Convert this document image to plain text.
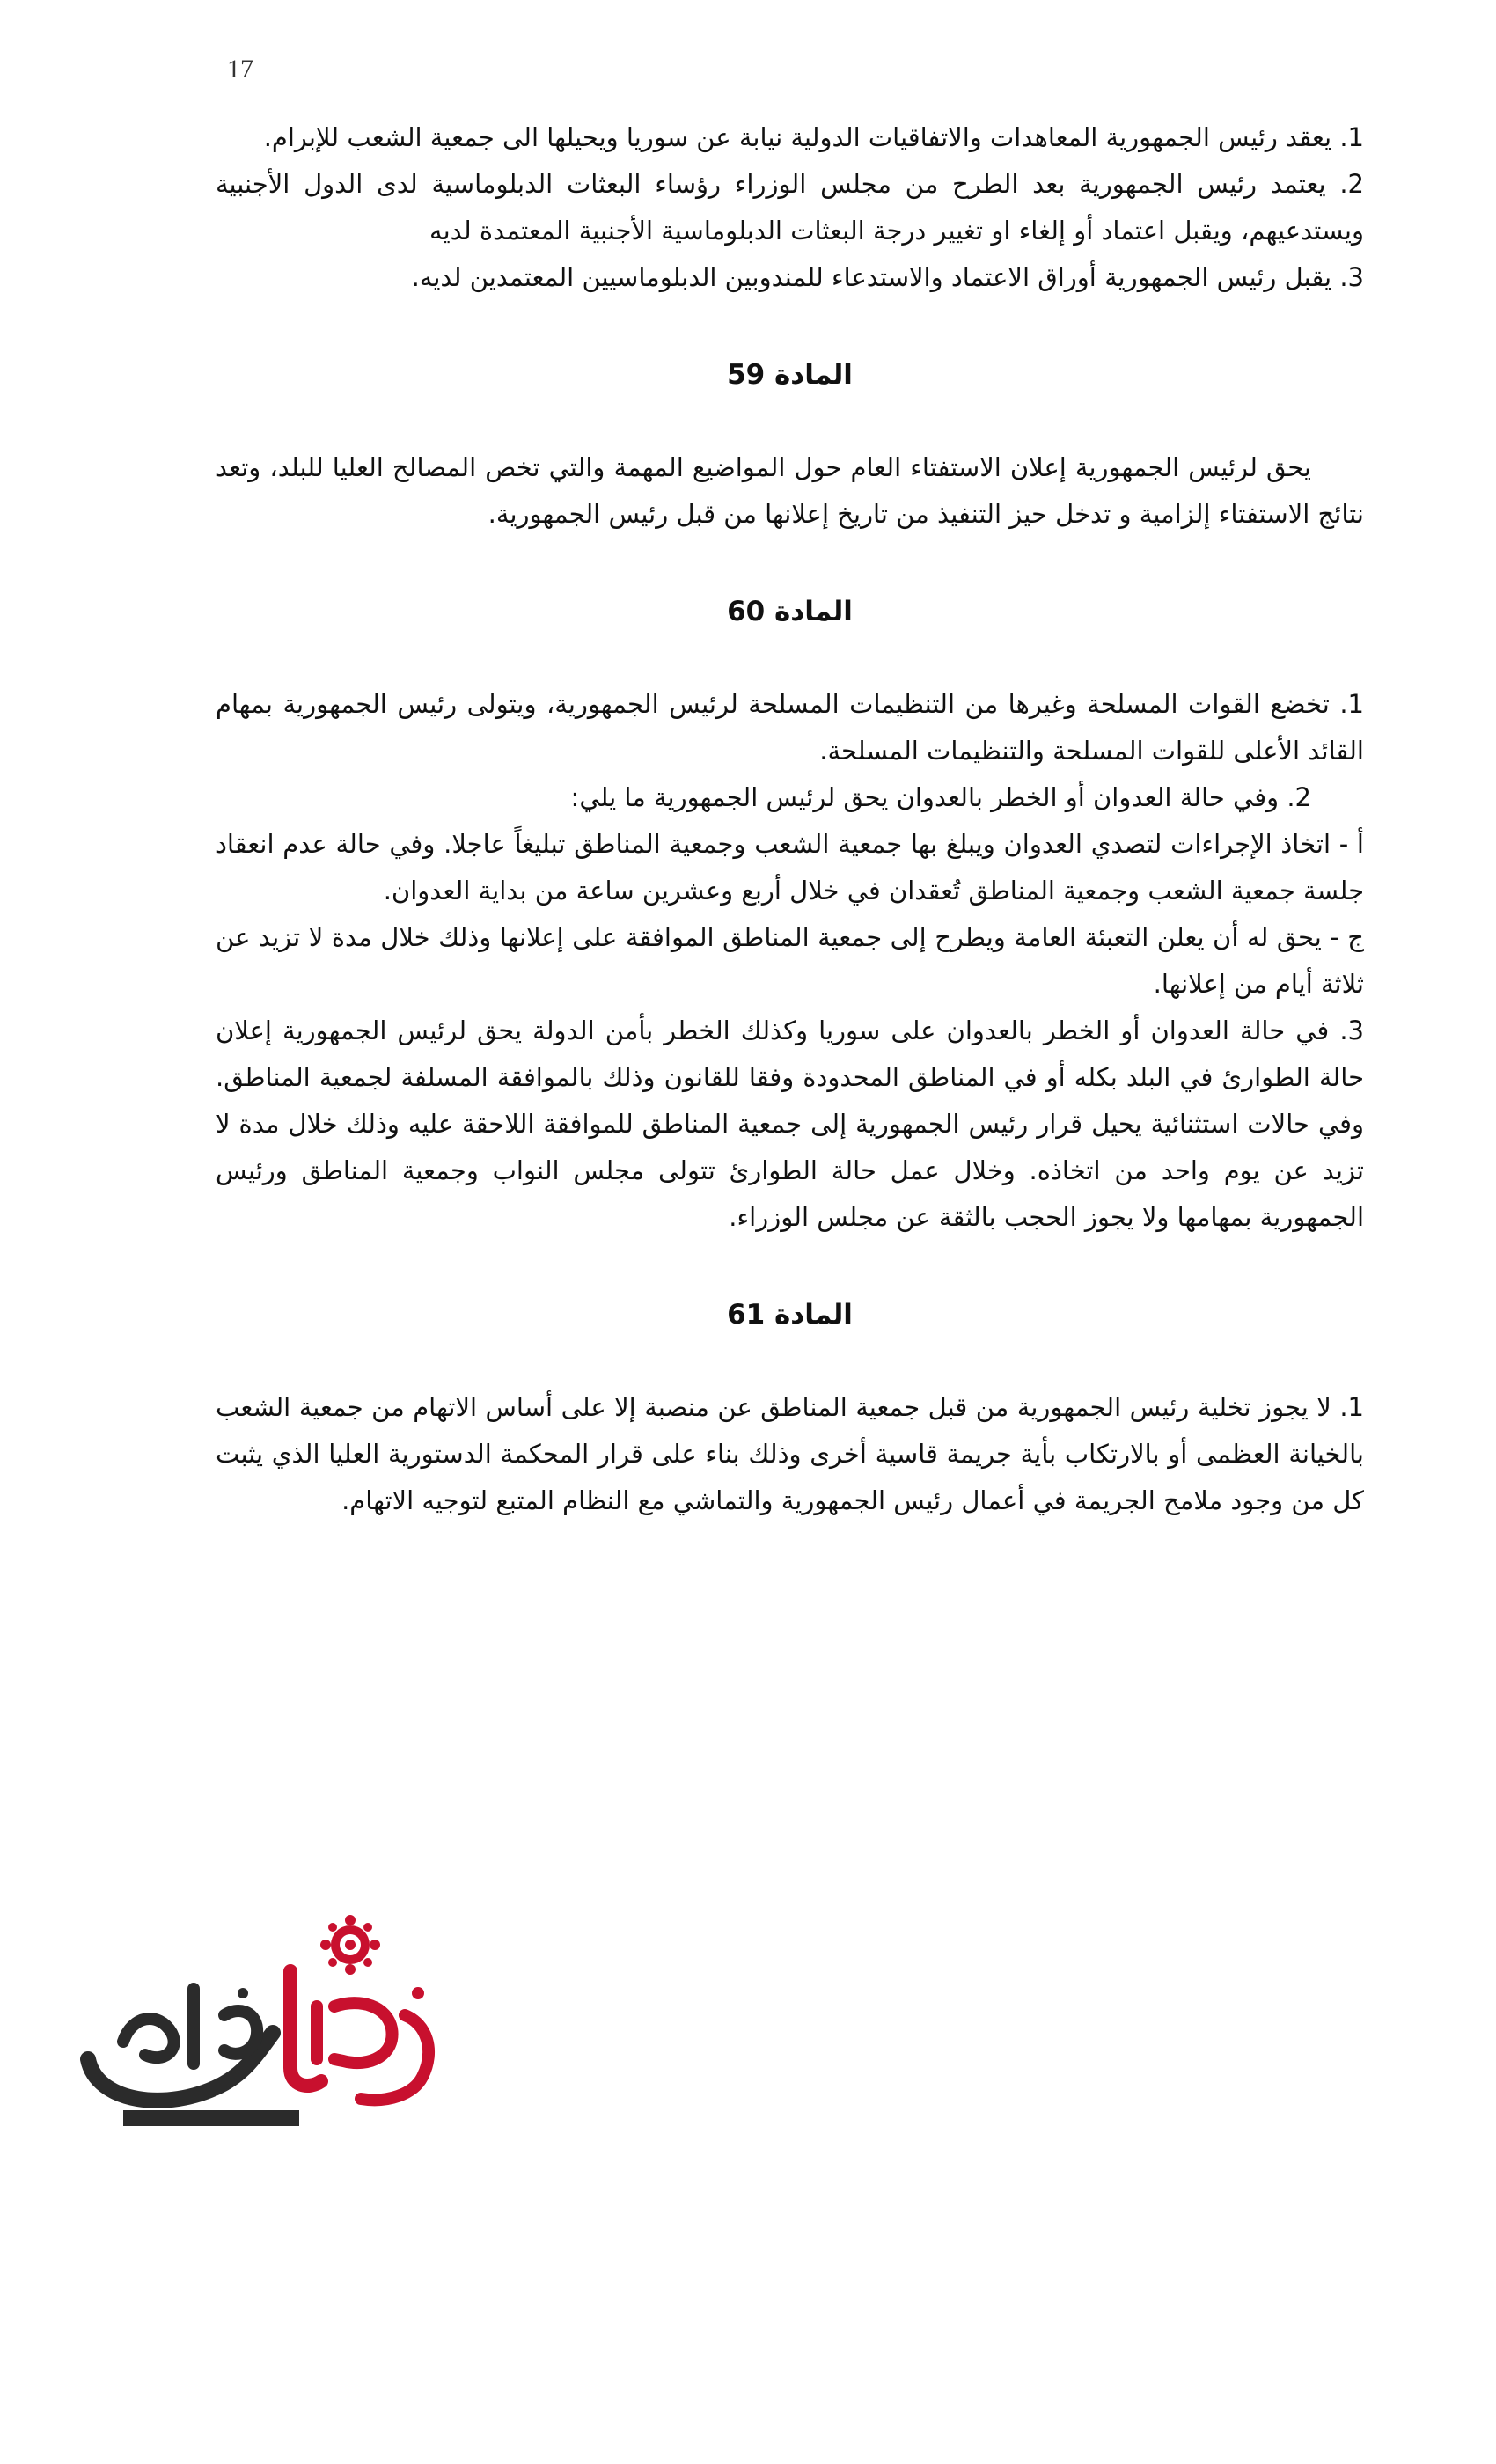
17

1. يعقد رئيس الجمهورية المعاهدات والاتفاقيات الدولية نيابة عن سوريا ويحيلها الى جمعية الشعب للإبرام.

2. يعتمد رئيس الجمهورية بعد الطرح من مجلس الوزراء رؤساء البعثات الدبلوماسية لدى الدول الأجنبية ويستدعيهم، ويقبل اعتماد أو إلغاء او تغيير درجة البعثات الدبلوماسية الأجنبية المعتمدة لديه

3. يقبل رئيس الجمهورية أوراق الاعتماد والاستدعاء للمندوبين الدبلوماسيين المعتمدين لديه.

المادة 59

يحق لرئيس الجمهورية إعلان الاستفتاء العام حول المواضيع المهمة والتي تخص المصالح العليا للبلد، وتعد نتائج الاستفتاء إلزامية و تدخل حيز التنفيذ من تاريخ إعلانها من قبل رئيس الجمهورية.

المادة 60

1. تخضع القوات المسلحة وغيرها من التنظيمات المسلحة لرئيس الجمهورية، ويتولى رئيس الجمهورية بمهام القائد الأعلى للقوات المسلحة والتنظيمات المسلحة.

2. وفي حالة العدوان أو الخطر بالعدوان يحق لرئيس الجمهورية ما يلي:

أ - اتخاذ الإجراءات لتصدي العدوان ويبلغ بها جمعية الشعب وجمعية المناطق تبليغاً عاجلا. وفي حالة عدم انعقاد جلسة جمعية الشعب وجمعية المناطق تُعقدان في خلال أربع وعشرين ساعة من بداية العدوان.

ج - يحق له أن يعلن التعبئة العامة ويطرح إلى جمعية المناطق الموافقة على إعلانها وذلك خلال مدة لا تزيد عن ثلاثة أيام من إعلانها.

3. في حالة العدوان أو الخطر بالعدوان على سوريا وكذلك الخطر بأمن الدولة يحق لرئيس الجمهورية إعلان حالة الطوارئ في البلد بكله أو في المناطق المحدودة وفقا للقانون وذلك بالموافقة المسلفة لجمعية المناطق. وفي حالات استثنائية يحيل قرار رئيس الجمهورية إلى جمعية المناطق للموافقة اللاحقة عليه وذلك خلال مدة لا تزيد عن يوم واحد من اتخاذه. وخلال عمل حالة الطوارئ تتولى مجلس النواب وجمعية المناطق ورئيس الجمهورية بمهامها ولا يجوز الحجب بالثقة عن مجلس الوزراء.

المادة 61

1. لا يجوز تخلية رئيس الجمهورية من قبل جمعية المناطق عن منصبة إلا على أساس الاتهام من جمعية الشعب بالخيانة العظمى أو بالارتكاب بأية جريمة قاسية أخرى وذلك بناء على قرار المحكمة الدستورية العليا الذي يثبت كل من وجود ملامح الجريمة في أعمال رئيس الجمهورية والتماشي مع النظام المتبع لتوجيه الاتهام.
